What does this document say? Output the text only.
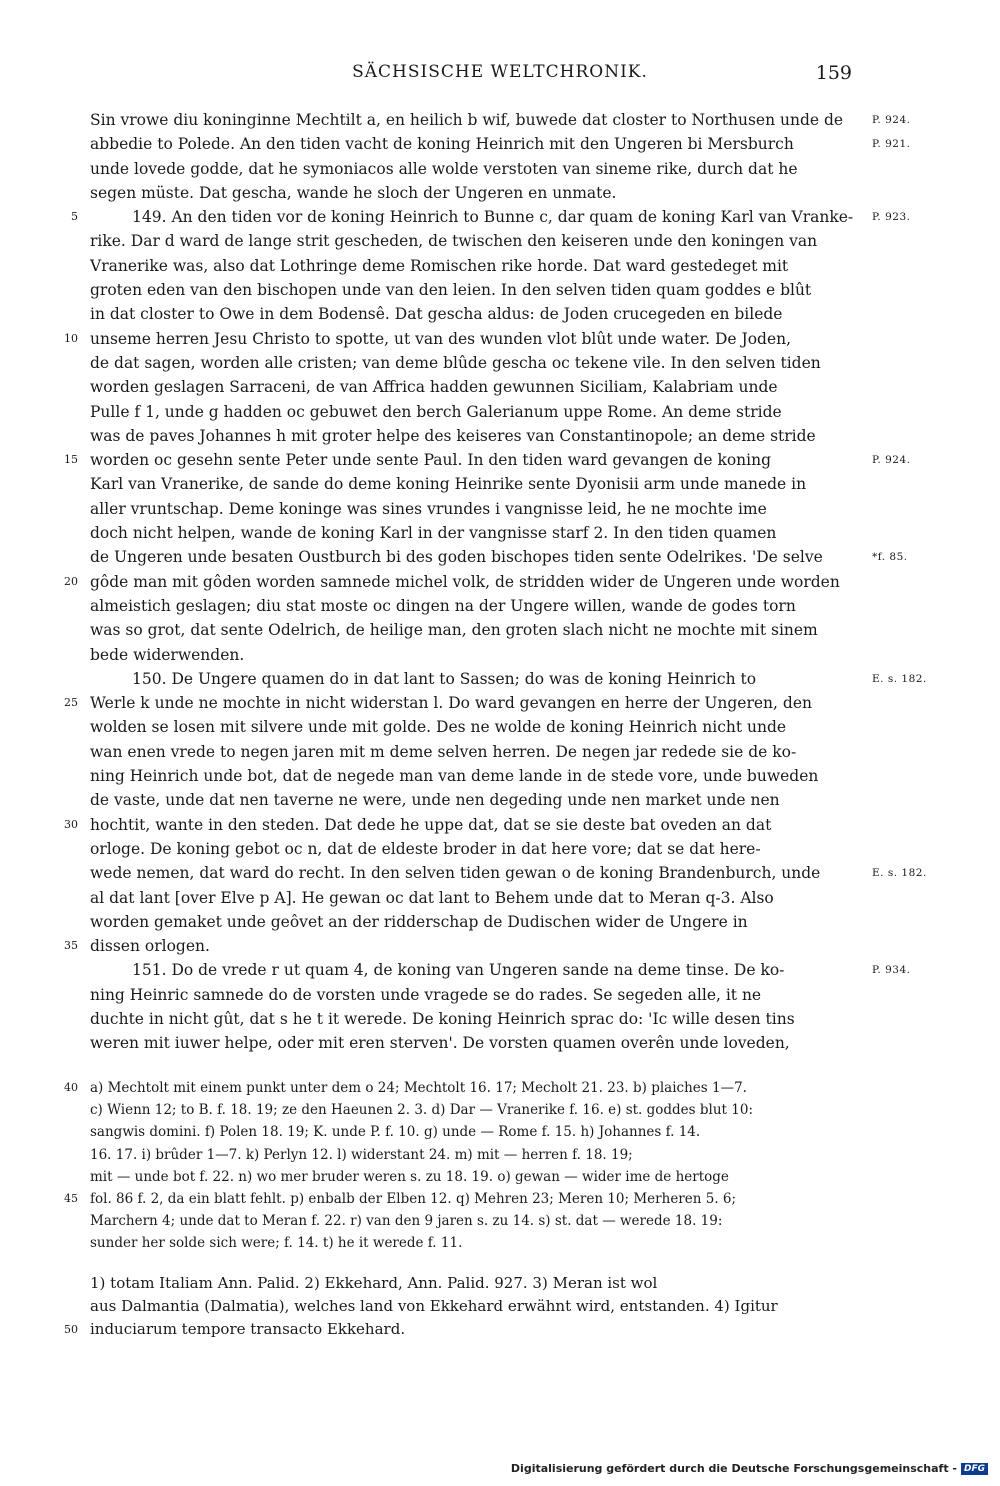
SÄCHSISCHE WELTCHRONIK.	159
Sin vrowe diu koninginne Mechtilt a, en heilich b wif, buwede dat closter to Northusen unde de	P. 924.
abbedie to Polede. An den tiden vacht de koning Heinrich mit den Ungeren bi Mersburch	P. 921.
unde lovede godde, dat he symoniacos alle wolde verstoten van sineme rike, durch dat he
segen müste. Dat gescha, wande he sloch der Ungeren en unmate.
5	149. An den tiden vor de koning Heinrich to Bunne c, dar quam de koning Karl van Vranke- P. 923.
rike. Dar d ward de lange strit gescheden, de twischen den keiseren unde den koningen van
Vranerike was, also dat Lothringe deme Romischen rike horde. Dat ward gestedeget mit
groten eden van den bischopen unde van den leien. In den selven tiden quam goddes e blût
in dat closter to Owe in dem Bodensê. Dat gescha aldus: de Joden crucegeden en bilede
10 unseme herren Jesu Christo to spotte, ut van des wunden vlot blût unde water. De Joden,
de dat sagen, worden alle cristen; van deme blûde gescha oc tekene vile. In den selven tiden
worden geslagen Sarraceni, de van Affrica hadden gewunnen Siciliam, Kalabriam unde
Pulle f 1, unde g hadden oc gebuwet den berch Galerianum uppe Rome. An deme stride
was de paves Johannes h mit groter helpe des keiseres van Constantinopole; an deme stride
15 worden oc gesehn sente Peter unde sente Paul. In den tiden ward gevangen de koning	P. 924.
Karl van Vranerike, de sande do deme koning Heinrike sente Dyonisii arm unde manede in
aller vruntschap. Deme koninge was sines vrundes i vangnisse leid, he ne mochte ime
doch nicht helpen, wande de koning Karl in der vangnisse starf 2. In den tiden quamen
de Ungeren unde besaten Oustburch bi des goden bischopes tiden sente Odelrikes. 'De selve	*f. 85.
20 gôde man mit gôden worden samnede michel volk, de stridden wider de Ungeren unde worden
almeistich geslagen; diu stat moste oc dingen na der Ungere willen, wande de godes torn
was so grot, dat sente Odelrich, de heilige man, den groten slach nicht ne mochte mit sinem
bede widerwenden.
150. De Ungere quamen do in dat lant to Sassen; do was de koning Heinrich to	E. s. 182.
25 Werle k unde ne mochte in nicht widerstan l. Do ward gevangen en herre der Ungeren, den
wolden se losen mit silvere unde mit golde. Des ne wolde de koning Heinrich nicht unde
wan enen vrede to negen jaren mit m deme selven herren. De negen jar redede sie de ko-
ning Heinrich unde bot, dat de negede man van deme lande in de stede vore, unde buweden
de vaste, unde dat nen taverne ne were, unde nen degeding unde nen market unde nen
30 hochtit, wante in den steden. Dat dede he uppe dat, dat se sie deste bat oveden an dat
orloge. De koning gebot oc n, dat de eldeste broder in dat here vore; dat se dat here-
wede nemen, dat ward do recht. In den selven tiden gewan o de koning Brandenburch, unde	E. s. 182.
al dat lant [over Elve p A]. He gewan oc dat lant to Behem unde dat to Meran q-3. Also
worden gemaket unde geôvet an der ridderschap de Dudischen wider de Ungere in
35 dissen orlogen.
151. Do de vrede r ut quam 4, de koning van Ungeren sande na deme tinse. De ko-	P. 934.
ning Heinric samnede do de vorsten unde vragede se do rades. Se segeden alle, it ne
duchte in nicht gût, dat s he t it werede. De koning Heinrich sprac do: 'Ic wille desen tins
weren mit iuwer helpe, oder mit eren sterven'. De vorsten quamen overên unde loveden,
40 a) Mechtolt mit einem punkt unter dem o 24; Mechtolt 16. 17; Mecholt 21. 23. b) plaiches 1—7.
c) Wienn 12; to B. f. 18. 19; ze den Haeunen 2. 3. d) Dar — Vranerike f. 16. e) st. goddes blut 10:
sangwis domini. f) Polen 18. 19; K. unde P. f. 10. g) unde — Rome f. 15. h) Johannes f. 14.
16. 17. i) brûder 1—7. k) Perlyn 12. l) widerstant 24. m) mit — herren f. 18. 19;
mit — unde bot f. 22. n) wo mer bruder weren s. zu 18. 19. o) gewan — wider ime de hertoge
45 fol. 86 f. 2, da ein blatt fehlt. p) enbalb der Elben 12. q) Mehren 23; Meren 10; Merheren 5. 6;
Marchern 4; unde dat to Meran f. 22. r) van den 9 jaren s. zu 14. s) st. dat — werede 18. 19:
sunder her solde sich were; f. 14. t) he it werede f. 11.
1) totam Italiam Ann. Palid. 2) Ekkehard, Ann. Palid. 927. 3) Meran ist wol
aus Dalmantia (Dalmatia), welches land von Ekkehard erwähnt wird, entstanden. 4) Igitur
50 induciarum tempore transacto Ekkehard.
Digitalisierung gefördert durch die Deutsche Forschungsgemeinschaft - DFG
